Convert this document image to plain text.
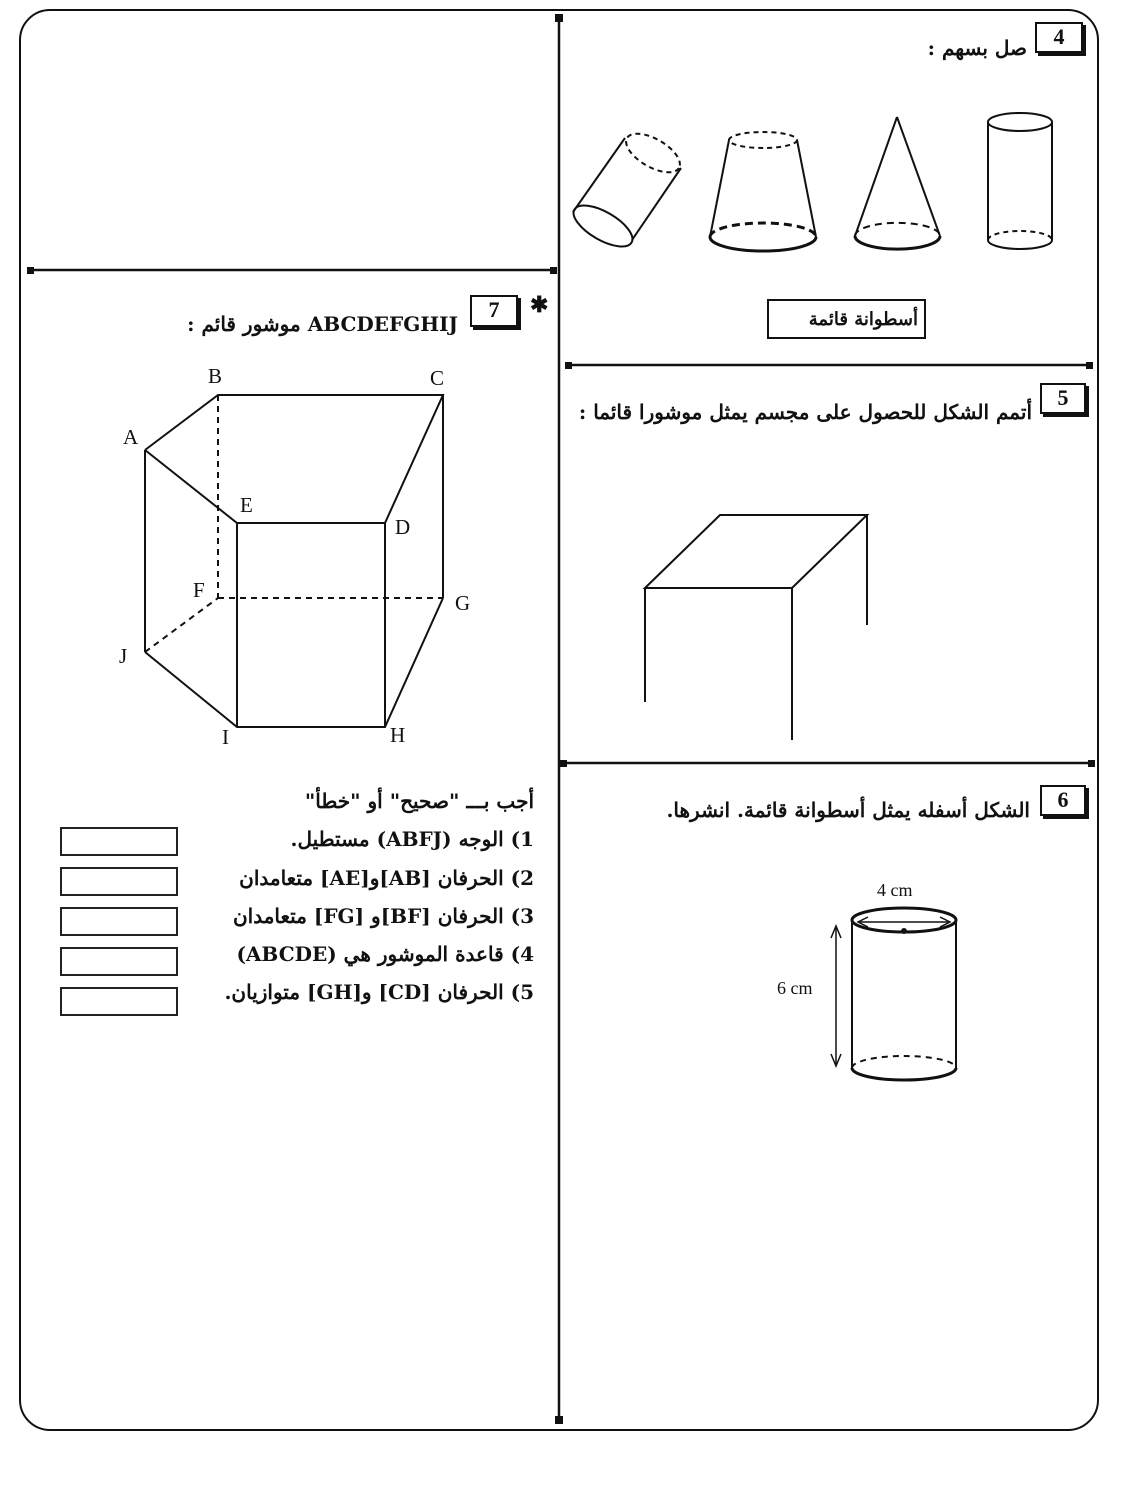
4
صل بسهم :
أسطوانة قائمة
5
أتمم الشكل للحصول على مجسم يمثل موشورا قائما :
6
الشكل أسفله يمثل أسطوانة قائمة. انشرها.
4 cm
6 cm
✱
7
ABCDEFGHIJ موشور قائم :
A
B	C
D
E
F
G
H
I
J
أجب بـــ "صحيح" أو "خطأ"
1) الوجه (ABFJ) مستطيل.
2) الحرفان [AB]و[AE] متعامدان
3) الحرفان [BF]و [FG] متعامدان
4) قاعدة الموشور هي (ABCDE)
5) الحرفان [CD] و[GH] متوازيان.
